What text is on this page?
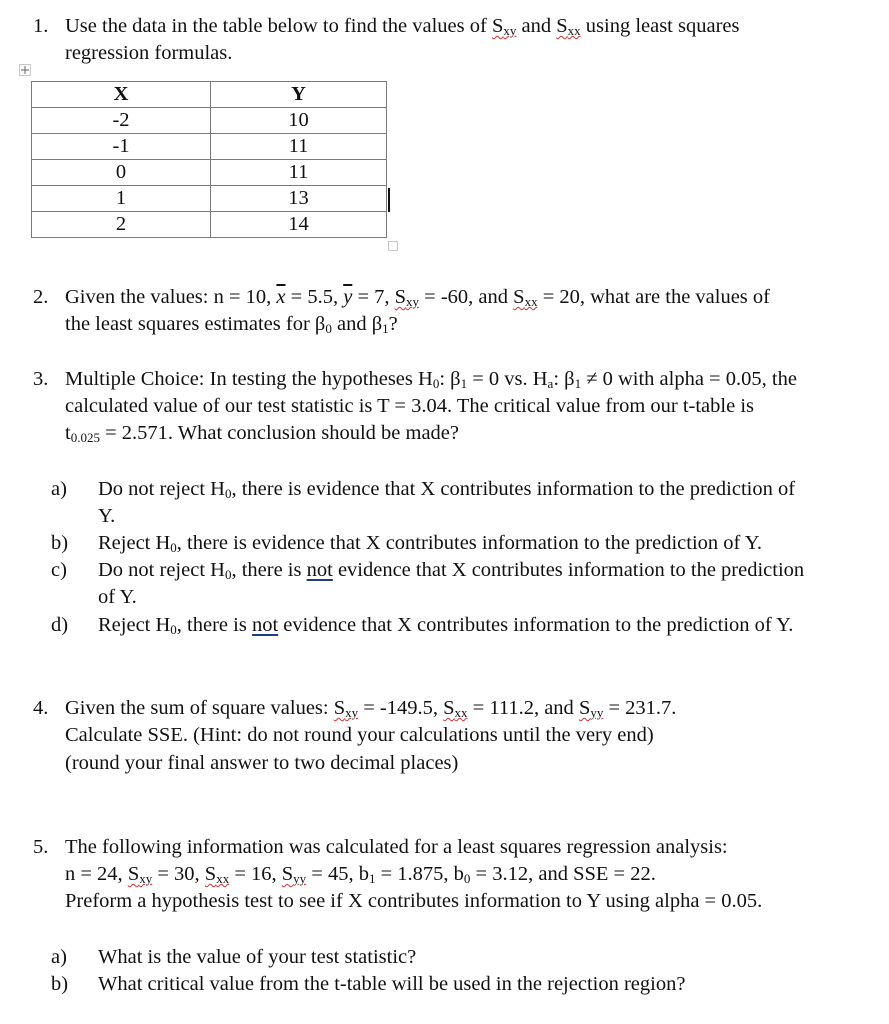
1. Use the data in the table below to find the values of $S_{xy}$ and $S_{xx}$ using least squares
regression formulas.
X	Y
-2	10
-1	11
0	11
1	13
2	14
2. Given the values: n = 10, $\overline{x} = 5.5$, $\overline{y} = 7$, $S_{xy} = -60$, and $S_{xx} = 20$, what are the values of
the least squares estimates for $\beta_0$ and $\beta_1$?
3. Multiple Choice: In testing the hypotheses $H_0$: $\beta_1 = 0$ vs. $H_a$: $\beta_1 \ne 0$ with alpha = 0.05, the
calculated value of our test statistic is T = 3.04. The critical value from our t-table is
$t_{0.025} = 2.571$. What conclusion should be made?
a) Do not reject $H_0$, there is evidence that X contributes information to the prediction of
Y.
b) Reject $H_0$, there is evidence that X contributes information to the prediction of Y.
c) Do not reject $H_0$, there is not evidence that X contributes information to the prediction
of Y.
d) Reject $H_0$, there is not evidence that X contributes information to the prediction of Y.
4. Given the sum of square values: $S_{xy} = -149.5$, $S_{xx} = 111.2$, and $S_{yy} = 231.7$.
Calculate SSE. (Hint: do not round your calculations until the very end)
(round your final answer to two decimal places)
5. The following information was calculated for a least squares regression analysis:
n = 24, $S_{xy} = 30$, $S_{xx} = 16$, $S_{yy} = 45$, $b_1 = 1.875$, $b_0 = 3.12$, and SSE = 22.
Preform a hypothesis test to see if X contributes information to Y using alpha = 0.05.
a) What is the value of your test statistic?
b) What critical value from the t-table will be used in the rejection region?
